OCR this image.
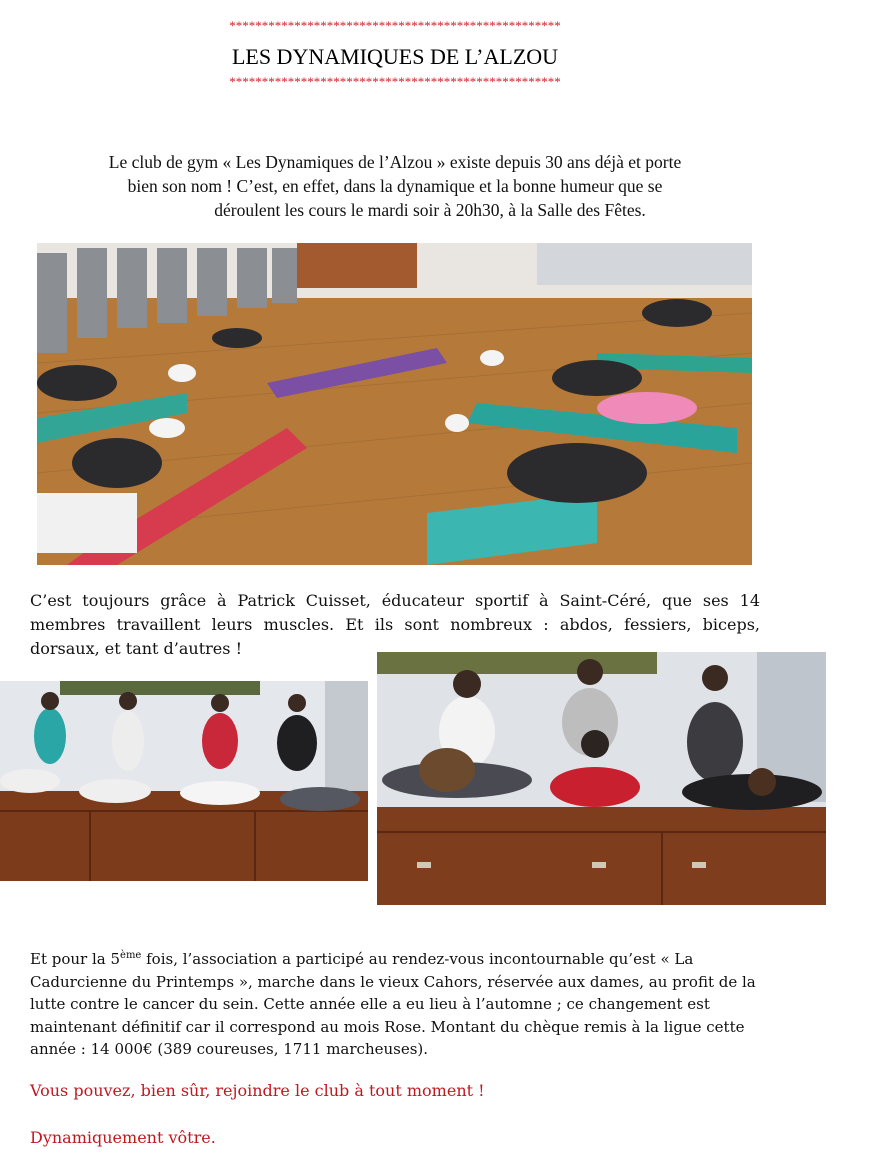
***************************************************
LES DYNAMIQUES DE L’ALZOU
***************************************************
Le club de gym « Les Dynamiques de l’Alzou » existe depuis 30 ans déjà et porte
bien son nom ! C’est, en effet, dans la dynamique et la bonne humeur que se
déroulent les cours le mardi soir à 20h30, à la Salle des Fêtes.
C’est toujours grâce à Patrick Cuisset, éducateur sportif à Saint-Céré, que ses 14 membres travaillent leurs muscles. Et ils sont nombreux : abdos, fessiers, biceps, dorsaux, et tant d’autres !
Et pour la 5ème fois, l’association a participé au rendez-vous incontournable qu’est « La Cadurcienne du Printemps », marche dans le vieux Cahors, réservée aux dames, au profit de la lutte contre le cancer du sein. Cette année elle a eu lieu à l’automne ; ce changement est maintenant définitif car il correspond au mois Rose. Montant du chèque remis à la ligue cette année : 14 000€ (389 coureuses, 1711 marcheuses).
Vous pouvez, bien sûr, rejoindre le club à tout moment !
Dynamiquement vôtre.
